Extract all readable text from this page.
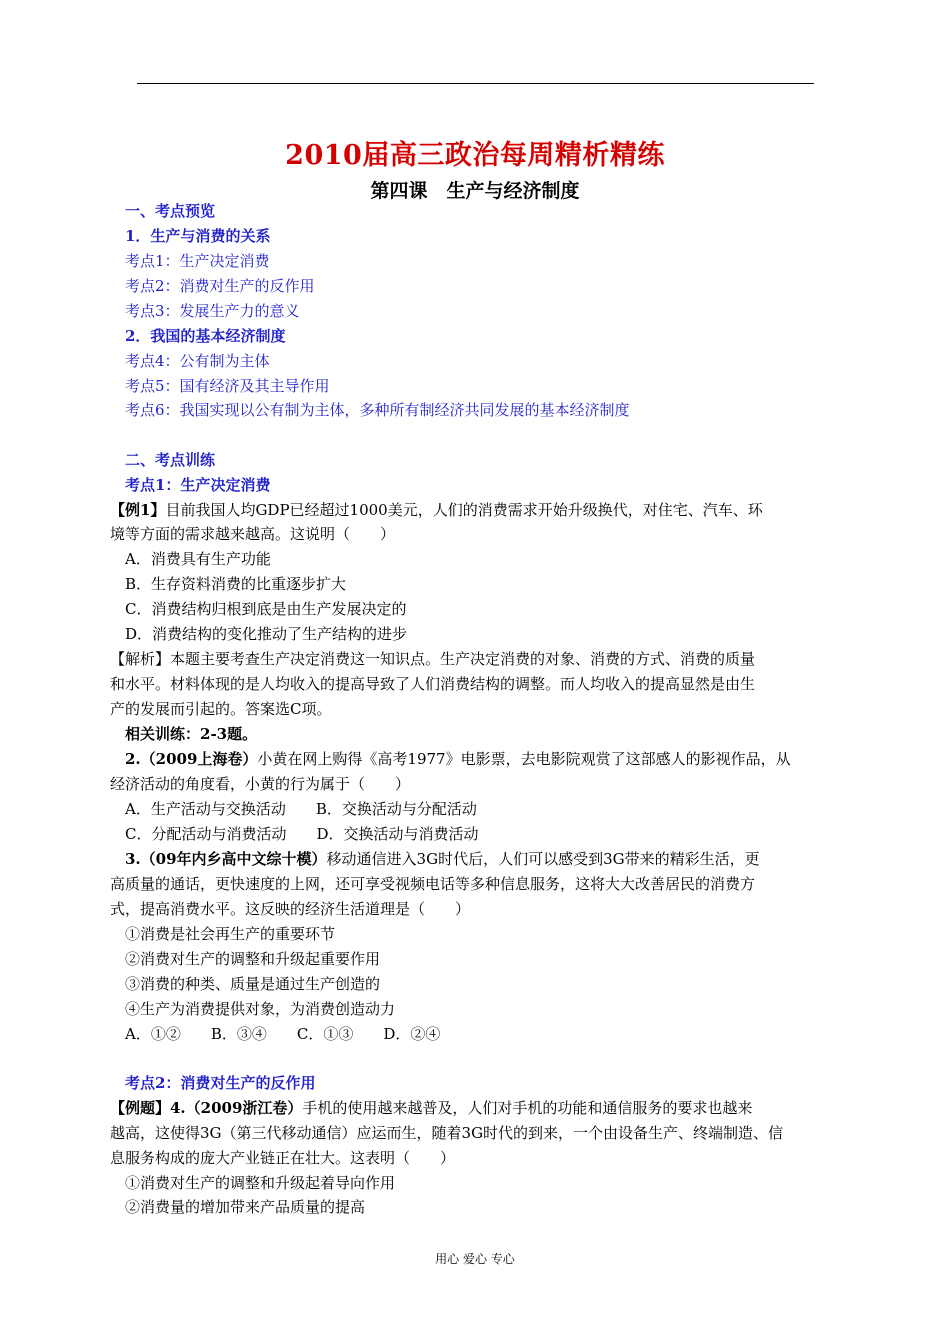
2010届高三政治每周精析精练
第四课　生产与经济制度
一、考点预览
1．生产与消费的关系
考点1：生产决定消费
考点2：消费对生产的反作用
考点3：发展生产力的意义
2．我国的基本经济制度
考点4：公有制为主体
考点5：国有经济及其主导作用
考点6：我国实现以公有制为主体，多种所有制经济共同发展的基本经济制度
二、考点训练
考点1：生产决定消费
【例1】目前我国人均GDP已经超过1000美元，人们的消费需求开始升级换代，对住宅、汽车、环
境等方面的需求越来越高。这说明（　　）
A．消费具有生产功能
B．生存资料消费的比重逐步扩大
C．消费结构归根到底是由生产发展决定的
D．消费结构的变化推动了生产结构的进步
【解析】本题主要考查生产决定消费这一知识点。生产决定消费的对象、消费的方式、消费的质量
和水平。材料体现的是人均收入的提高导致了人们消费结构的调整。而人均收入的提高显然是由生
产的发展而引起的。答案选C项。
相关训练：2-3题。
2.（2009上海卷）小黄在网上购得《高考1977》电影票，去电影院观赏了这部感人的影视作品，从
经济活动的角度看，小黄的行为属于（　　）
A．生产活动与交换活动　　B．交换活动与分配活动
C．分配活动与消费活动　　D．交换活动与消费活动
3.（09年内乡高中文综十模）移动通信进入3G时代后，人们可以感受到3G带来的精彩生活，更
高质量的通话，更快速度的上网，还可享受视频电话等多种信息服务，这将大大改善居民的消费方
式，提高消费水平。这反映的经济生活道理是（　　）
①消费是社会再生产的重要环节
②消费对生产的调整和升级起重要作用
③消费的种类、质量是通过生产创造的
④生产为消费提供对象，为消费创造动力
A．①②　　B．③④　　C．①③　　D．②④
考点2：消费对生产的反作用
【例题】4.（2009浙江卷）手机的使用越来越普及，人们对手机的功能和通信服务的要求也越来
越高，这使得3G（第三代移动通信）应运而生，随着3G时代的到来，一个由设备生产、终端制造、信
息服务构成的庞大产业链正在壮大。这表明（　　）
①消费对生产的调整和升级起着导向作用
②消费量的增加带来产品质量的提高
用心 爱心 专心
